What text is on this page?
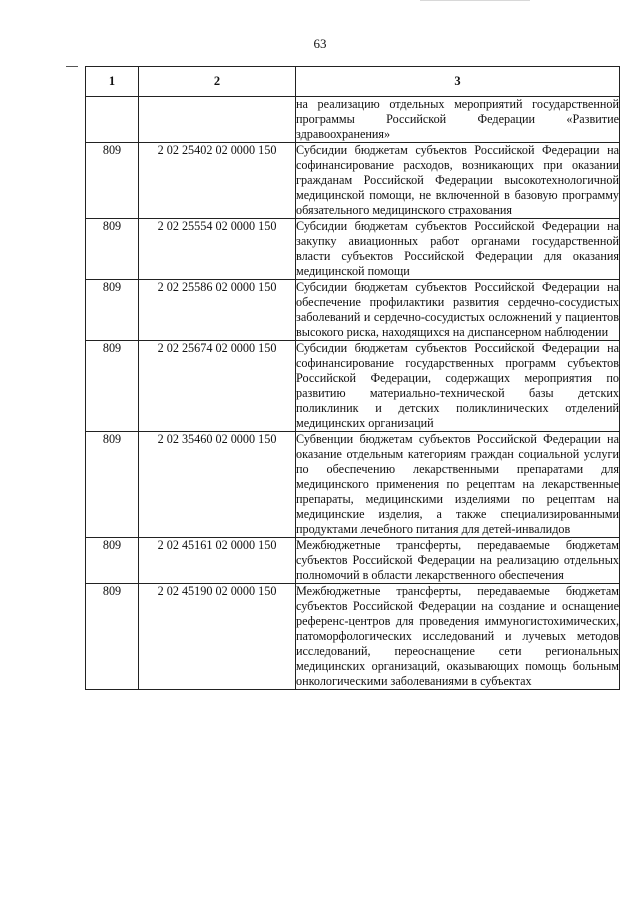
63
1	2	3
		на реализацию отдельных мероприятий государственной программы Российской Федерации «Развитие здравоохранения»
809	2 02 25402 02 0000 150	Субсидии бюджетам субъектов Российской Федерации на софинансирование расходов, возникающих при оказании гражданам Российской Федерации высокотехнологичной медицинской помощи, не включенной в базовую программу обязательного медицинского страхования
809	2 02 25554 02 0000 150	Субсидии бюджетам субъектов Российской Федерации на закупку авиационных работ органами государственной власти субъектов Российской Федерации для оказания медицинской помощи
809	2 02 25586 02 0000 150	Субсидии бюджетам субъектов Российской Федерации на обеспечение профилактики развития сердечно-сосудистых заболеваний и сердечно-сосудистых осложнений у пациентов высокого риска, находящихся на диспансерном наблюдении
809	2 02 25674 02 0000 150	Субсидии бюджетам субъектов Российской Федерации на софинансирование государственных программ субъектов Российской Федерации, содержащих мероприятия по развитию материально-технической базы детских поликлиник и детских поликлинических отделений медицинских организаций
809	2 02 35460 02 0000 150	Субвенции бюджетам субъектов Российской Федерации на оказание отдельным категориям граждан социальной услуги по обеспечению лекарственными препаратами для медицинского применения по рецептам на лекарственные препараты, медицинскими изделиями по рецептам на медицинские изделия, а также специализированными продуктами лечебного питания для детей-инвалидов
809	2 02 45161 02 0000 150	Межбюджетные трансферты, передаваемые бюджетам субъектов Российской Федерации на реализацию отдельных полномочий в области лекарственного обеспечения
809	2 02 45190 02 0000 150	Межбюджетные трансферты, передаваемые бюджетам субъектов Российской Федерации на создание и оснащение референс-центров для проведения иммуногистохимических, патоморфологических исследований и лучевых методов исследований, переоснащение сети региональных медицинских организаций, оказывающих помощь больным онкологическими заболеваниями в субъектах
